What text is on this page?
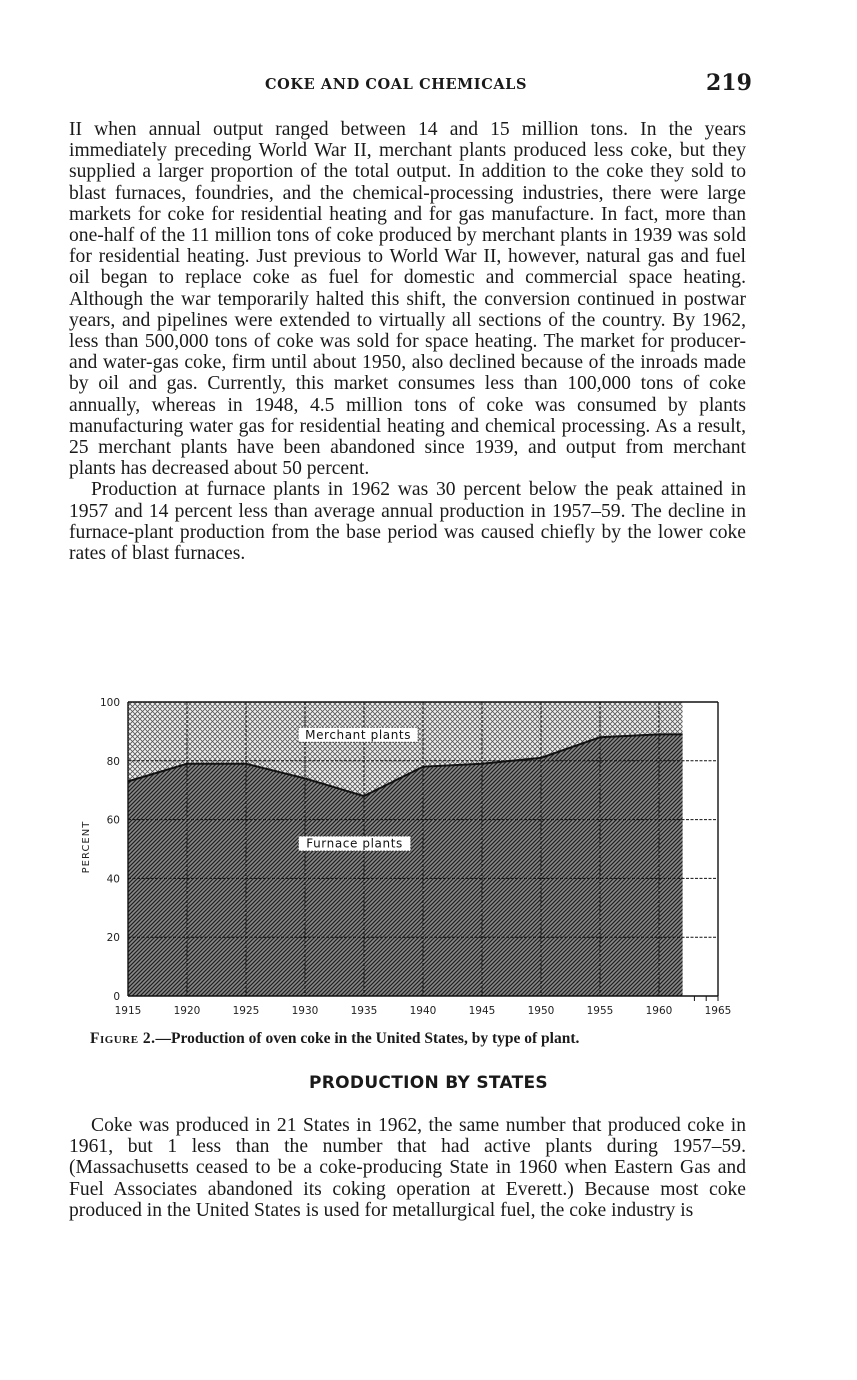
COKE AND COAL CHEMICALS	219

II when annual output ranged between 14 and 15 million tons. In the years immediately preceding World War II, merchant plants produced less coke, but they supplied a larger proportion of the total output. In addition to the coke they sold to blast furnaces, foundries, and the chemical-processing industries, there were large markets for coke for residential heating and for gas manufacture. In fact, more than one-half of the 11 million tons of coke produced by merchant plants in 1939 was sold for residential heating. Just previous to World War II, however, natural gas and fuel oil began to replace coke as fuel for domestic and commercial space heating. Although the war temporarily halted this shift, the conversion continued in postwar years, and pipelines were extended to virtually all sections of the country. By 1962, less than 500,000 tons of coke was sold for space heating. The market for producer- and water-gas coke, firm until about 1950, also declined because of the inroads made by oil and gas. Currently, this market consumes less than 100,000 tons of coke annually, whereas in 1948, 4.5 million tons of coke was consumed by plants manufacturing water gas for residential heating and chemical processing. As a result, 25 merchant plants have been abandoned since 1939, and output from merchant plants has decreased about 50 percent.

Production at furnace plants in 1962 was 30 percent below the peak attained in 1957 and 14 percent less than average annual production in 1957–59. The decline in furnace-plant production from the base period was caused chiefly by the lower coke rates of blast furnaces.

0
20
40
60
80
100
1915	1920	1925	1930	1935	1940	1945	1950	1955	1960	1965
PERCENT
Merchant plants
Furnace plants
Figure 2.—Production of oven coke in the United States, by type of plant.
PRODUCTION BY STATES

Coke was produced in 21 States in 1962, the same number that produced coke in 1961, but 1 less than the number that had active plants during 1957–59. (Massachusetts ceased to be a coke-producing State in 1960 when Eastern Gas and Fuel Associates abandoned its coking operation at Everett.) Because most coke produced in the United States is used for metallurgical fuel, the coke industry is
